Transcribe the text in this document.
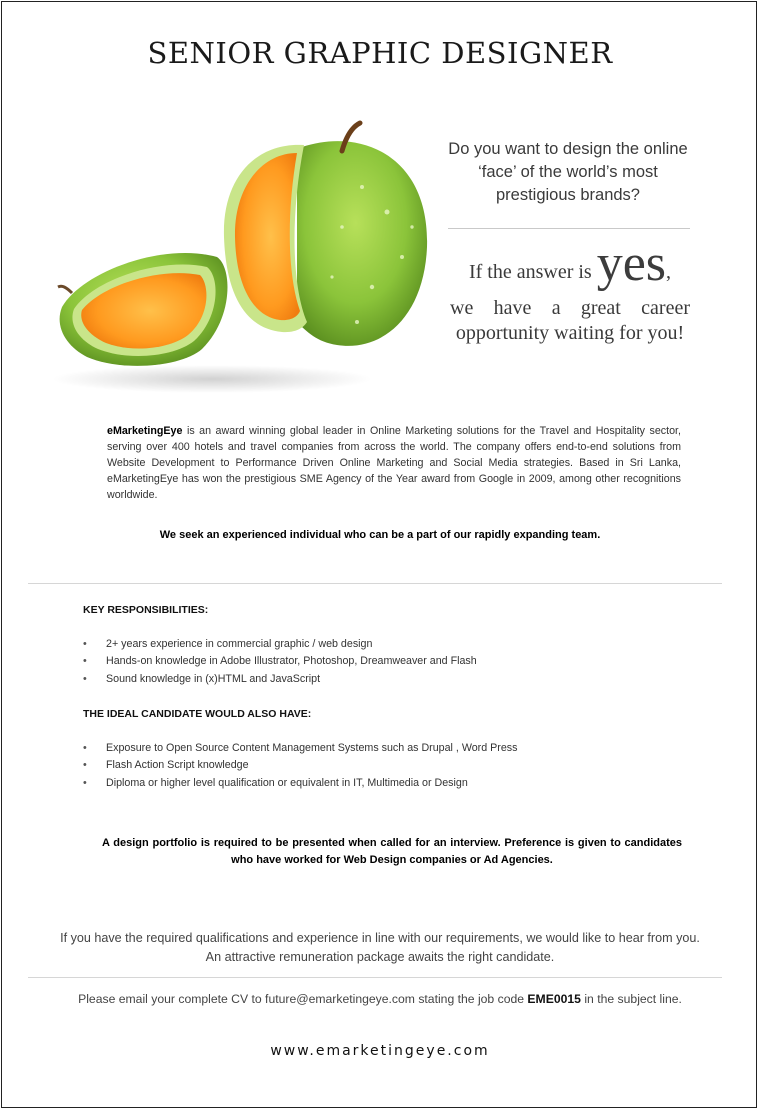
SENIOR GRAPHIC DESIGNER
Do you want to design the online ‘face’ of the world’s most prestigious brands?
If the answer is yes,
we have a great career opportunity waiting for you!
eMarketingEye is an award winning global leader in Online Marketing solutions for the Travel and Hospitality sector, serving over 400 hotels and travel companies from across the world. The company offers end-to-end solutions from Website Development to Performance Driven Online Marketing and Social Media strategies. Based in Sri Lanka, eMarketingEye has won the prestigious SME Agency of the Year award from Google in 2009, among other recognitions worldwide.
We seek an experienced individual who can be a part of our rapidly expanding team.
KEY RESPONSIBILITIES:
• 2+ years experience in commercial graphic / web design
• Hands-on knowledge in Adobe Illustrator, Photoshop, Dreamweaver and Flash
• Sound knowledge in (x)HTML and JavaScript
THE IDEAL CANDIDATE WOULD ALSO HAVE:
• Exposure to Open Source Content Management Systems such as Drupal , Word Press
• Flash Action Script knowledge
• Diploma or higher level qualification or equivalent in IT, Multimedia or Design
A design portfolio is required to be presented when called for an interview. Preference is given to candidates who have worked for Web Design companies or Ad Agencies.
If you have the required qualifications and experience in line with our requirements, we would like to hear from you.
An attractive remuneration package awaits the right candidate.
Please email your complete CV to future@emarketingeye.com stating the job code EME0015 in the subject line.
www.emarketingeye.com
